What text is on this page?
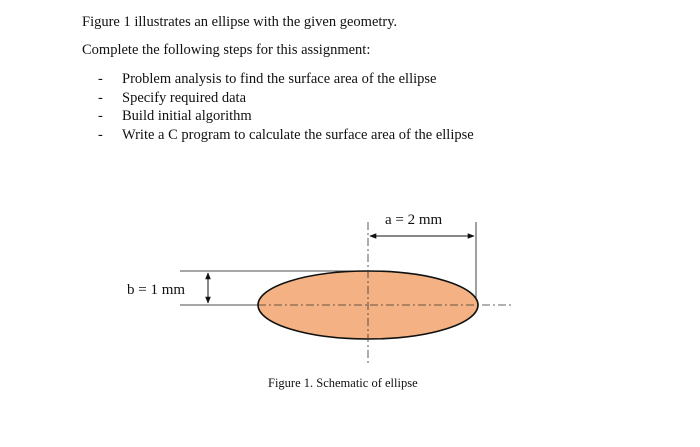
Figure 1 illustrates an ellipse with the given geometry.
Complete the following steps for this assignment:
- Problem analysis to find the surface area of the ellipse
- Specify required data
- Build initial algorithm
- Write a C program to calculate the surface area of the ellipse
a = 2 mm
b = 1 mm
Figure 1. Schematic of ellipse
